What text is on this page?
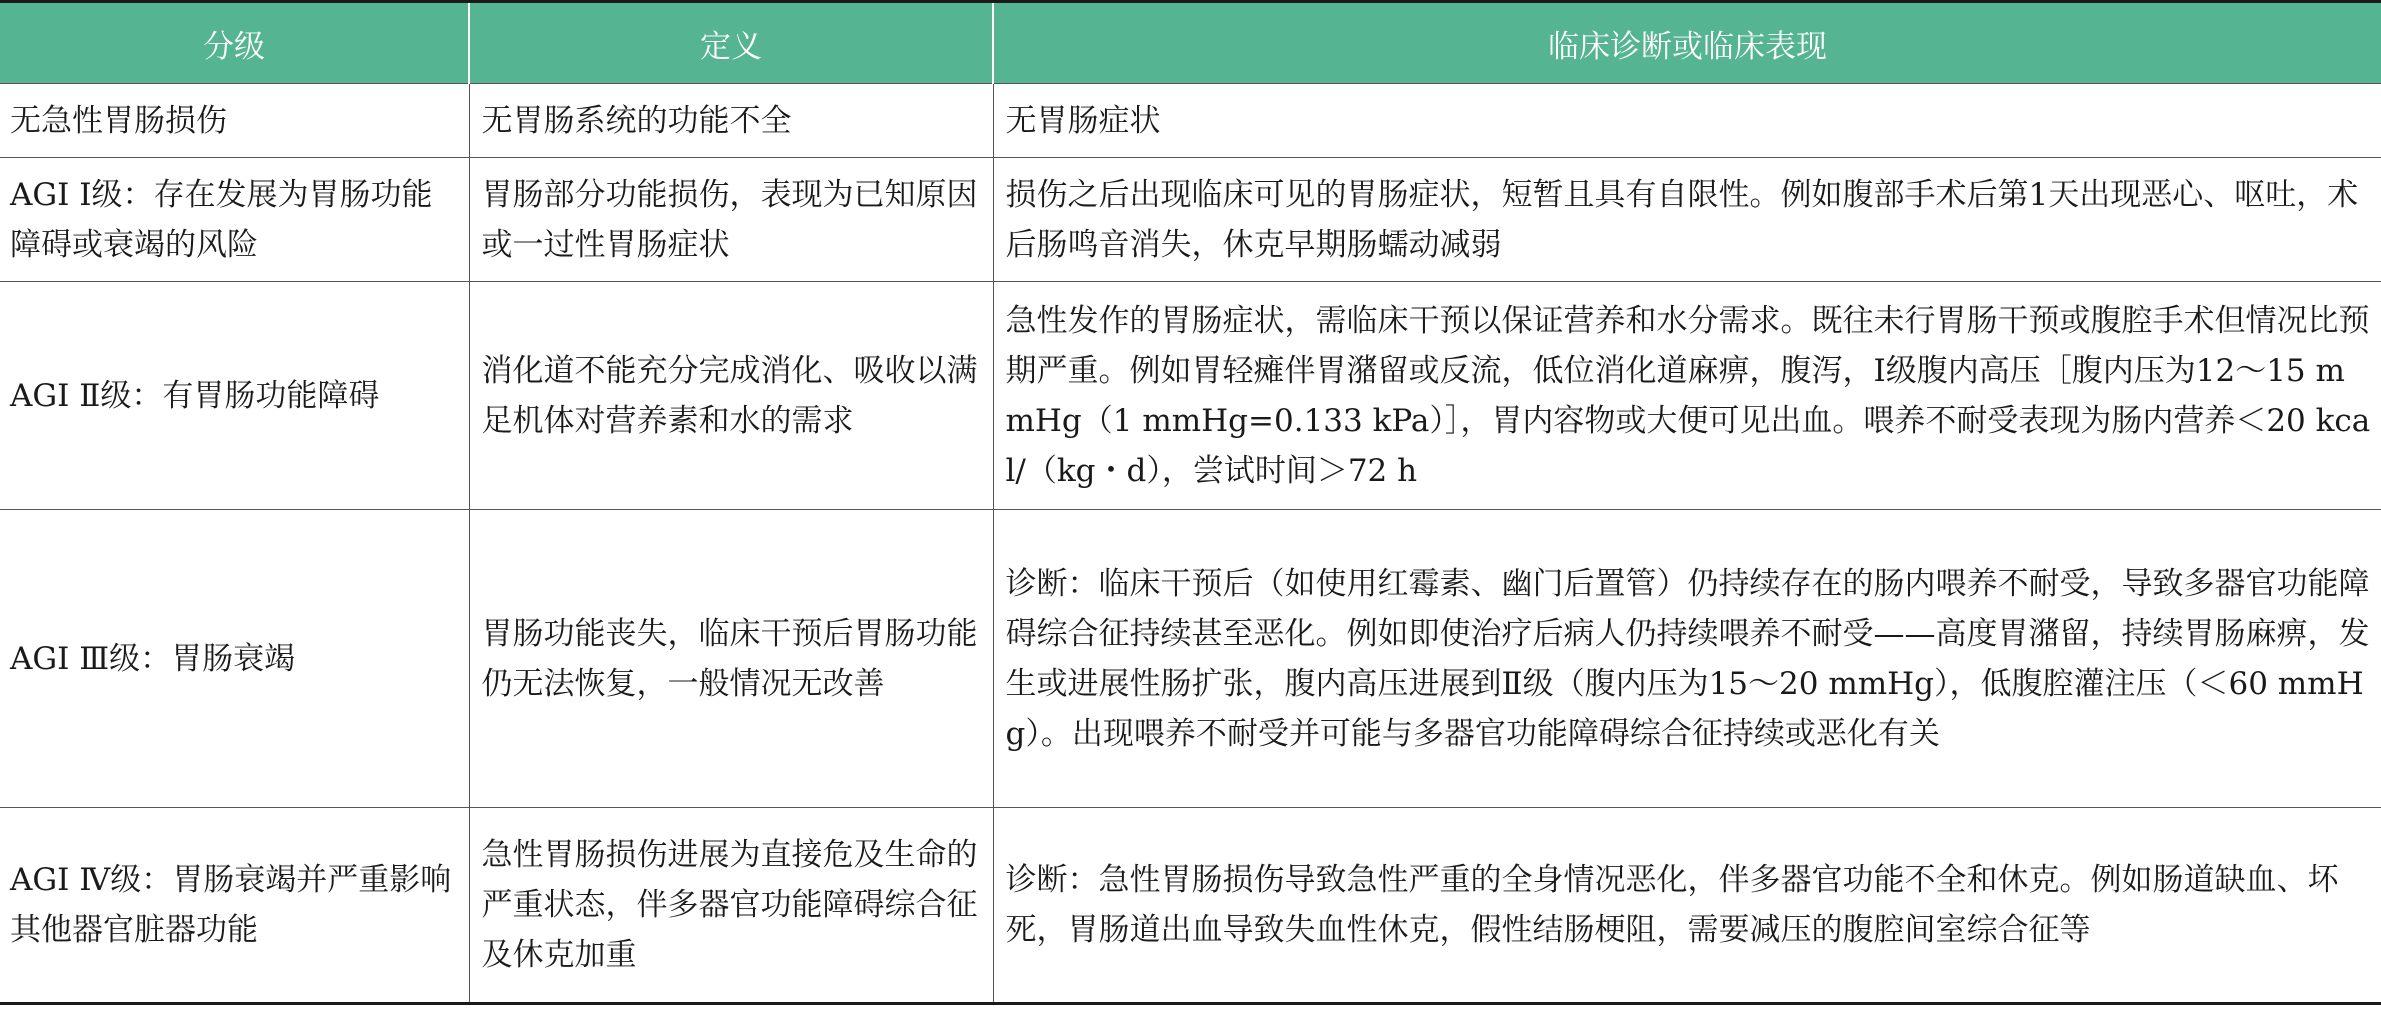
分级	定义	临床诊断或临床表现
无急性胃肠损伤	无胃肠系统的功能不全	无胃肠症状
AGI Ⅰ级：存在发展为胃肠功能障碍或衰竭的风险	胃肠部分功能损伤，表现为已知原因或一过性胃肠症状	损伤之后出现临床可见的胃肠症状，短暂且具有自限性。例如腹部手术后第1天出现恶心、呕吐，术后肠鸣音消失，休克早期肠蠕动减弱
AGI Ⅱ级：有胃肠功能障碍	消化道不能充分完成消化、吸收以满足机体对营养素和水的需求	急性发作的胃肠症状，需临床干预以保证营养和水分需求。既往未行胃肠干预或腹腔手术但情况比预期严重。例如胃轻瘫伴胃潴留或反流，低位消化道麻痹，腹泻，Ⅰ级腹内高压［腹内压为12～15 mmHg（1 mmHg=0.133 kPa）］，胃内容物或大便可见出血。喂养不耐受表现为肠内营养＜20 kcal/（kg・d），尝试时间＞72 h
AGI Ⅲ级：胃肠衰竭	胃肠功能丧失，临床干预后胃肠功能仍无法恢复，一般情况无改善	诊断：临床干预后（如使用红霉素、幽门后置管）仍持续存在的肠内喂养不耐受，导致多器官功能障碍综合征持续甚至恶化。例如即使治疗后病人仍持续喂养不耐受——高度胃潴留，持续胃肠麻痹，发生或进展性肠扩张，腹内高压进展到Ⅱ级（腹内压为15～20 mmHg），低腹腔灌注压（＜60 mmHg）。出现喂养不耐受并可能与多器官功能障碍综合征持续或恶化有关
AGI Ⅳ级：胃肠衰竭并严重影响其他器官脏器功能	急性胃肠损伤进展为直接危及生命的严重状态，伴多器官功能障碍综合征及休克加重	诊断：急性胃肠损伤导致急性严重的全身情况恶化，伴多器官功能不全和休克。例如肠道缺血、坏死，胃肠道出血导致失血性休克，假性结肠梗阻，需要减压的腹腔间室综合征等
